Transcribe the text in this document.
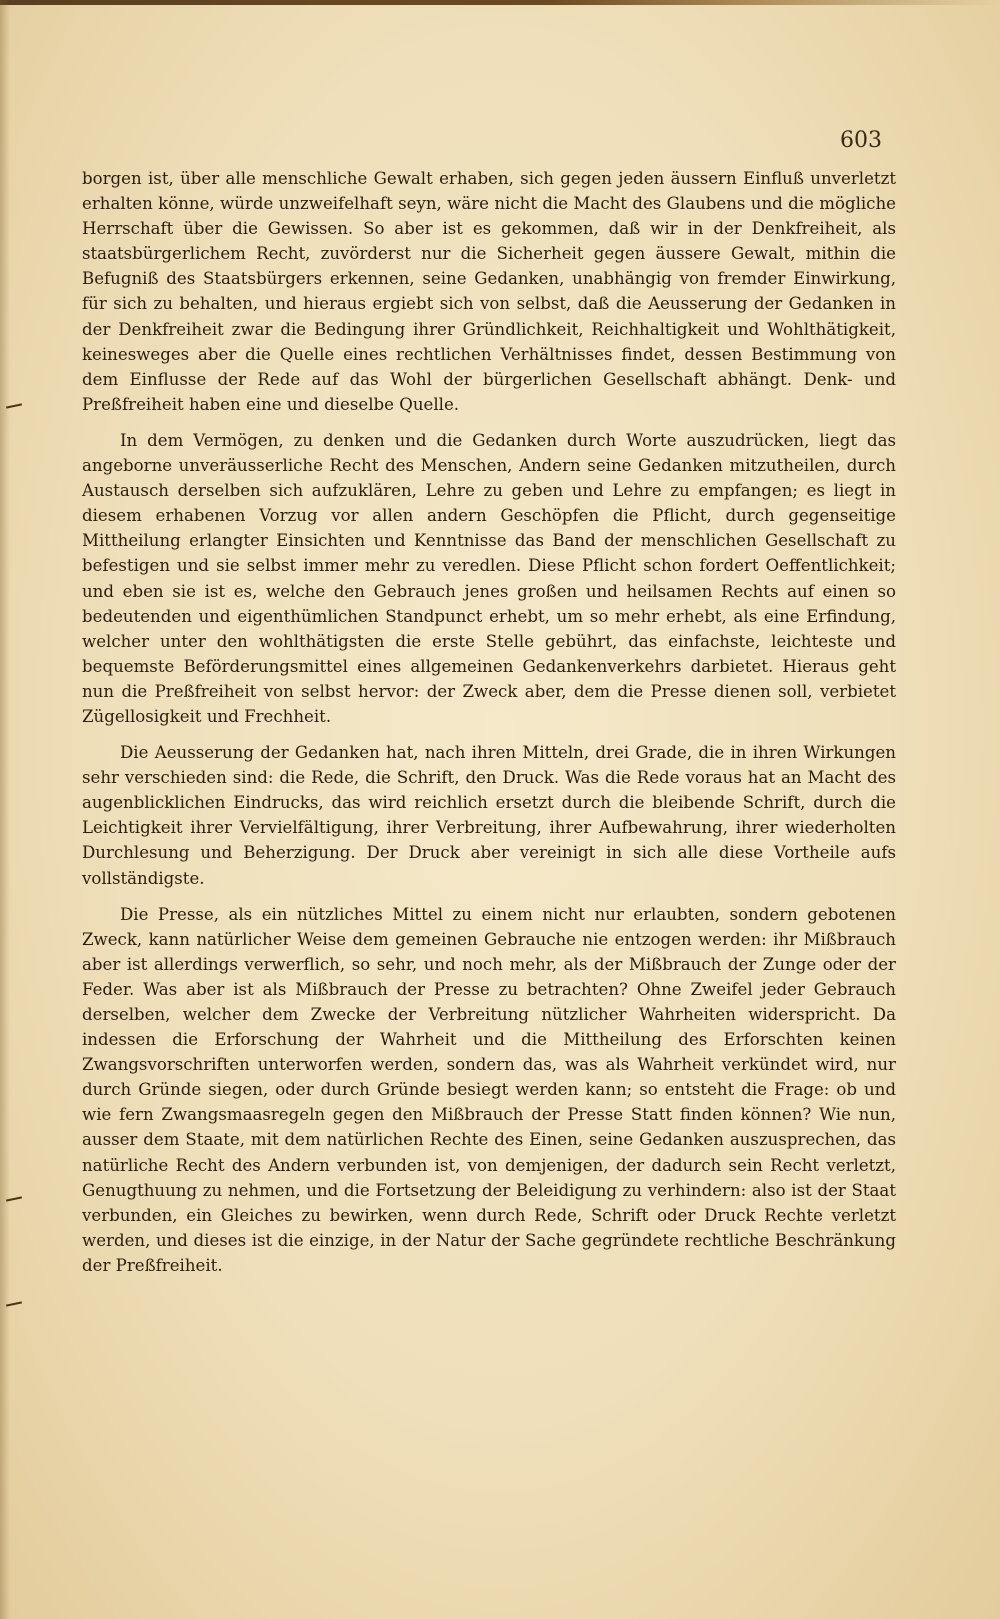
603

borgen ist, über alle menschliche Gewalt erhaben, sich gegen jeden äussern Einfluß unverletzt erhalten könne, würde unzweifelhaft seyn, wäre nicht die Macht des Glaubens und die mögliche Herrschaft über die Gewissen. So aber ist es gekommen, daß wir in der Denkfreiheit, als staatsbürgerlichem Recht, zuvörderst nur die Sicherheit gegen äussere Gewalt, mithin die Befugniß des Staatsbürgers erkennen, seine Gedanken, unabhängig von fremder Einwirkung, für sich zu behalten, und hieraus ergiebt sich von selbst, daß die Aeusserung der Gedanken in der Denkfreiheit zwar die Bedingung ihrer Gründlichkeit, Reichhaltigkeit und Wohlthätigkeit, keinesweges aber die Quelle eines rechtlichen Verhältnisses findet, dessen Bestimmung von dem Einflusse der Rede auf das Wohl der bürgerlichen Gesellschaft abhängt. Denk- und Preßfreiheit haben eine und dieselbe Quelle.

In dem Vermögen, zu denken und die Gedanken durch Worte auszudrücken, liegt das angeborne unveräusserliche Recht des Menschen, Andern seine Gedanken mitzutheilen, durch Austausch derselben sich aufzuklären, Lehre zu geben und Lehre zu empfangen; es liegt in diesem erhabenen Vorzug vor allen andern Geschöpfen die Pflicht, durch gegenseitige Mittheilung erlangter Einsichten und Kenntnisse das Band der menschlichen Gesellschaft zu befestigen und sie selbst immer mehr zu veredlen. Diese Pflicht schon fordert Oeffentlichkeit; und eben sie ist es, welche den Gebrauch jenes großen und heilsamen Rechts auf einen so bedeutenden und eigenthümlichen Standpunct erhebt, um so mehr erhebt, als eine Erfindung, welcher unter den wohlthätigsten die erste Stelle gebührt, das einfachste, leichteste und bequemste Beförderungsmittel eines allgemeinen Gedankenverkehrs darbietet. Hieraus geht nun die Preßfreiheit von selbst hervor: der Zweck aber, dem die Presse dienen soll, verbietet Zügellosigkeit und Frechheit.

Die Aeusserung der Gedanken hat, nach ihren Mitteln, drei Grade, die in ihren Wirkungen sehr verschieden sind: die Rede, die Schrift, den Druck. Was die Rede voraus hat an Macht des augenblicklichen Eindrucks, das wird reichlich ersetzt durch die bleibende Schrift, durch die Leichtigkeit ihrer Vervielfältigung, ihrer Verbreitung, ihrer Aufbewahrung, ihrer wiederholten Durchlesung und Beherzigung. Der Druck aber vereinigt in sich alle diese Vortheile aufs vollständigste.

Die Presse, als ein nützliches Mittel zu einem nicht nur erlaubten, sondern gebotenen Zweck, kann natürlicher Weise dem gemeinen Gebrauche nie entzogen werden: ihr Mißbrauch aber ist allerdings verwerflich, so sehr, und noch mehr, als der Mißbrauch der Zunge oder der Feder. Was aber ist als Mißbrauch der Presse zu betrachten? Ohne Zweifel jeder Gebrauch derselben, welcher dem Zwecke der Verbreitung nützlicher Wahrheiten widerspricht. Da indessen die Erforschung der Wahrheit und die Mittheilung des Erforschten keinen Zwangsvorschriften unterworfen werden, sondern das, was als Wahrheit verkündet wird, nur durch Gründe siegen, oder durch Gründe besiegt werden kann; so entsteht die Frage: ob und wie fern Zwangsmaasregeln gegen den Mißbrauch der Presse Statt finden können? Wie nun, ausser dem Staate, mit dem natürlichen Rechte des Einen, seine Gedanken auszusprechen, das natürliche Recht des Andern verbunden ist, von demjenigen, der dadurch sein Recht verletzt, Genugthuung zu nehmen, und die Fortsetzung der Beleidigung zu verhindern: also ist der Staat verbunden, ein Gleiches zu bewirken, wenn durch Rede, Schrift oder Druck Rechte verletzt werden, und dieses ist die einzige, in der Natur der Sache gegründete rechtliche Beschränkung der Preßfreiheit.
